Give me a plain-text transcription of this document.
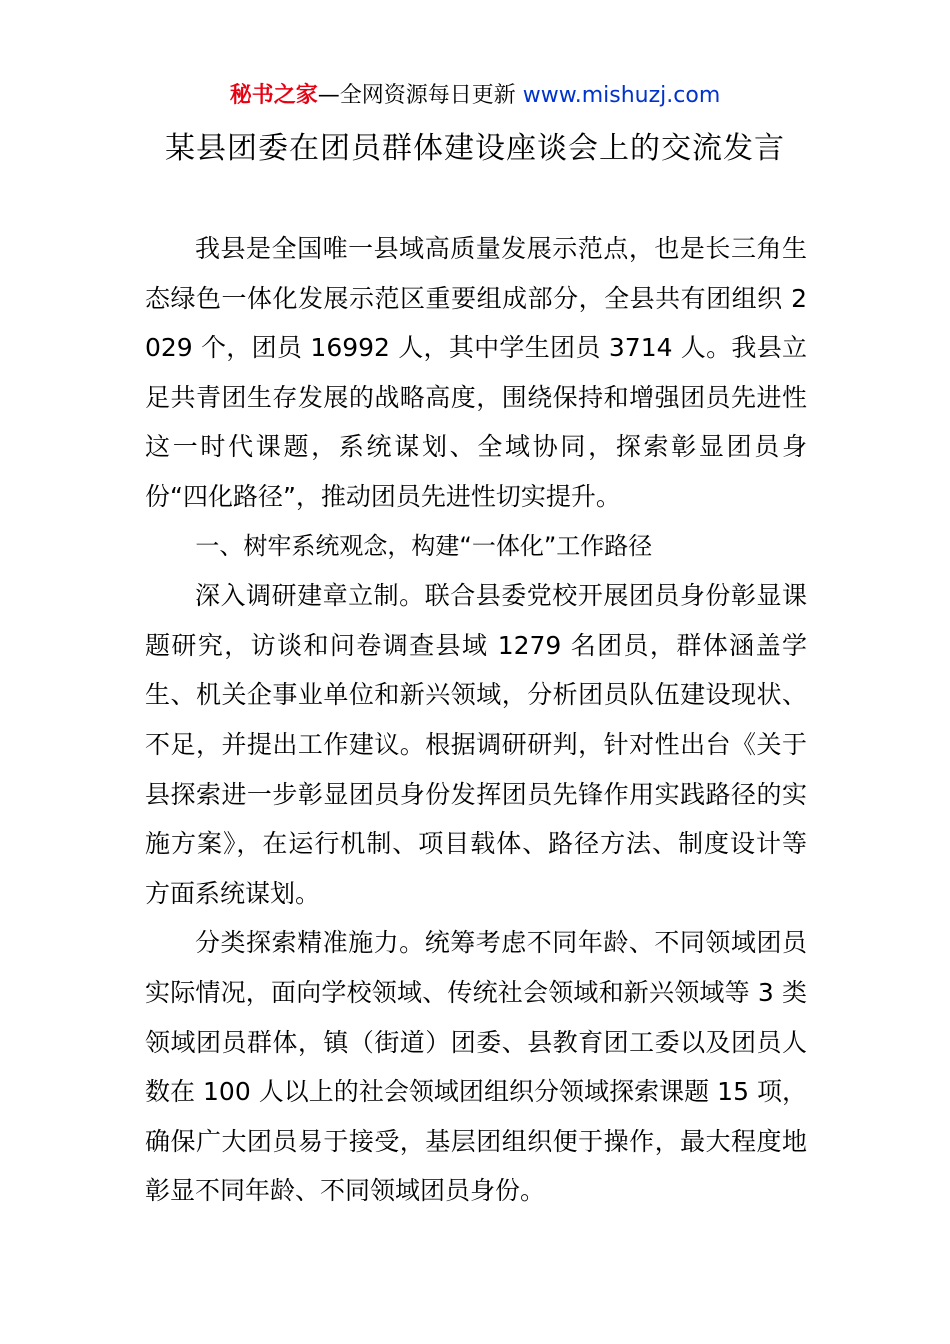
秘书之家—全网资源每日更新 www.mishuzj.com
某县团委在团员群体建设座谈会上的交流发言

我县是全国唯一县域高质量发展示范点，也是长三角生态绿色一体化发展示范区重要组成部分，全县共有团组织 2029 个，团员 16992 人，其中学生团员 3714 人。我县立足共青团生存发展的战略高度，围绕保持和增强团员先进性这一时代课题，系统谋划、全域协同，探索彰显团员身份“四化路径”，推动团员先进性切实提升。

一、树牢系统观念，构建“一体化”工作路径

深入调研建章立制。联合县委党校开展团员身份彰显课题研究，访谈和问卷调查县域 1279 名团员，群体涵盖学生、机关企事业单位和新兴领域，分析团员队伍建设现状、不足，并提出工作建议。根据调研研判，针对性出台《关于县探索进一步彰显团员身份发挥团员先锋作用实践路径的实施方案》，在运行机制、项目载体、路径方法、制度设计等方面系统谋划。

分类探索精准施力。统筹考虑不同年龄、不同领域团员实际情况，面向学校领域、传统社会领域和新兴领域等 3 类领域团员群体，镇（街道）团委、县教育团工委以及团员人数在 100 人以上的社会领域团组织分领域探索课题 15 项，确保广大团员易于接受，基层团组织便于操作，最大程度地彰显不同年龄、不同领域团员身份。
